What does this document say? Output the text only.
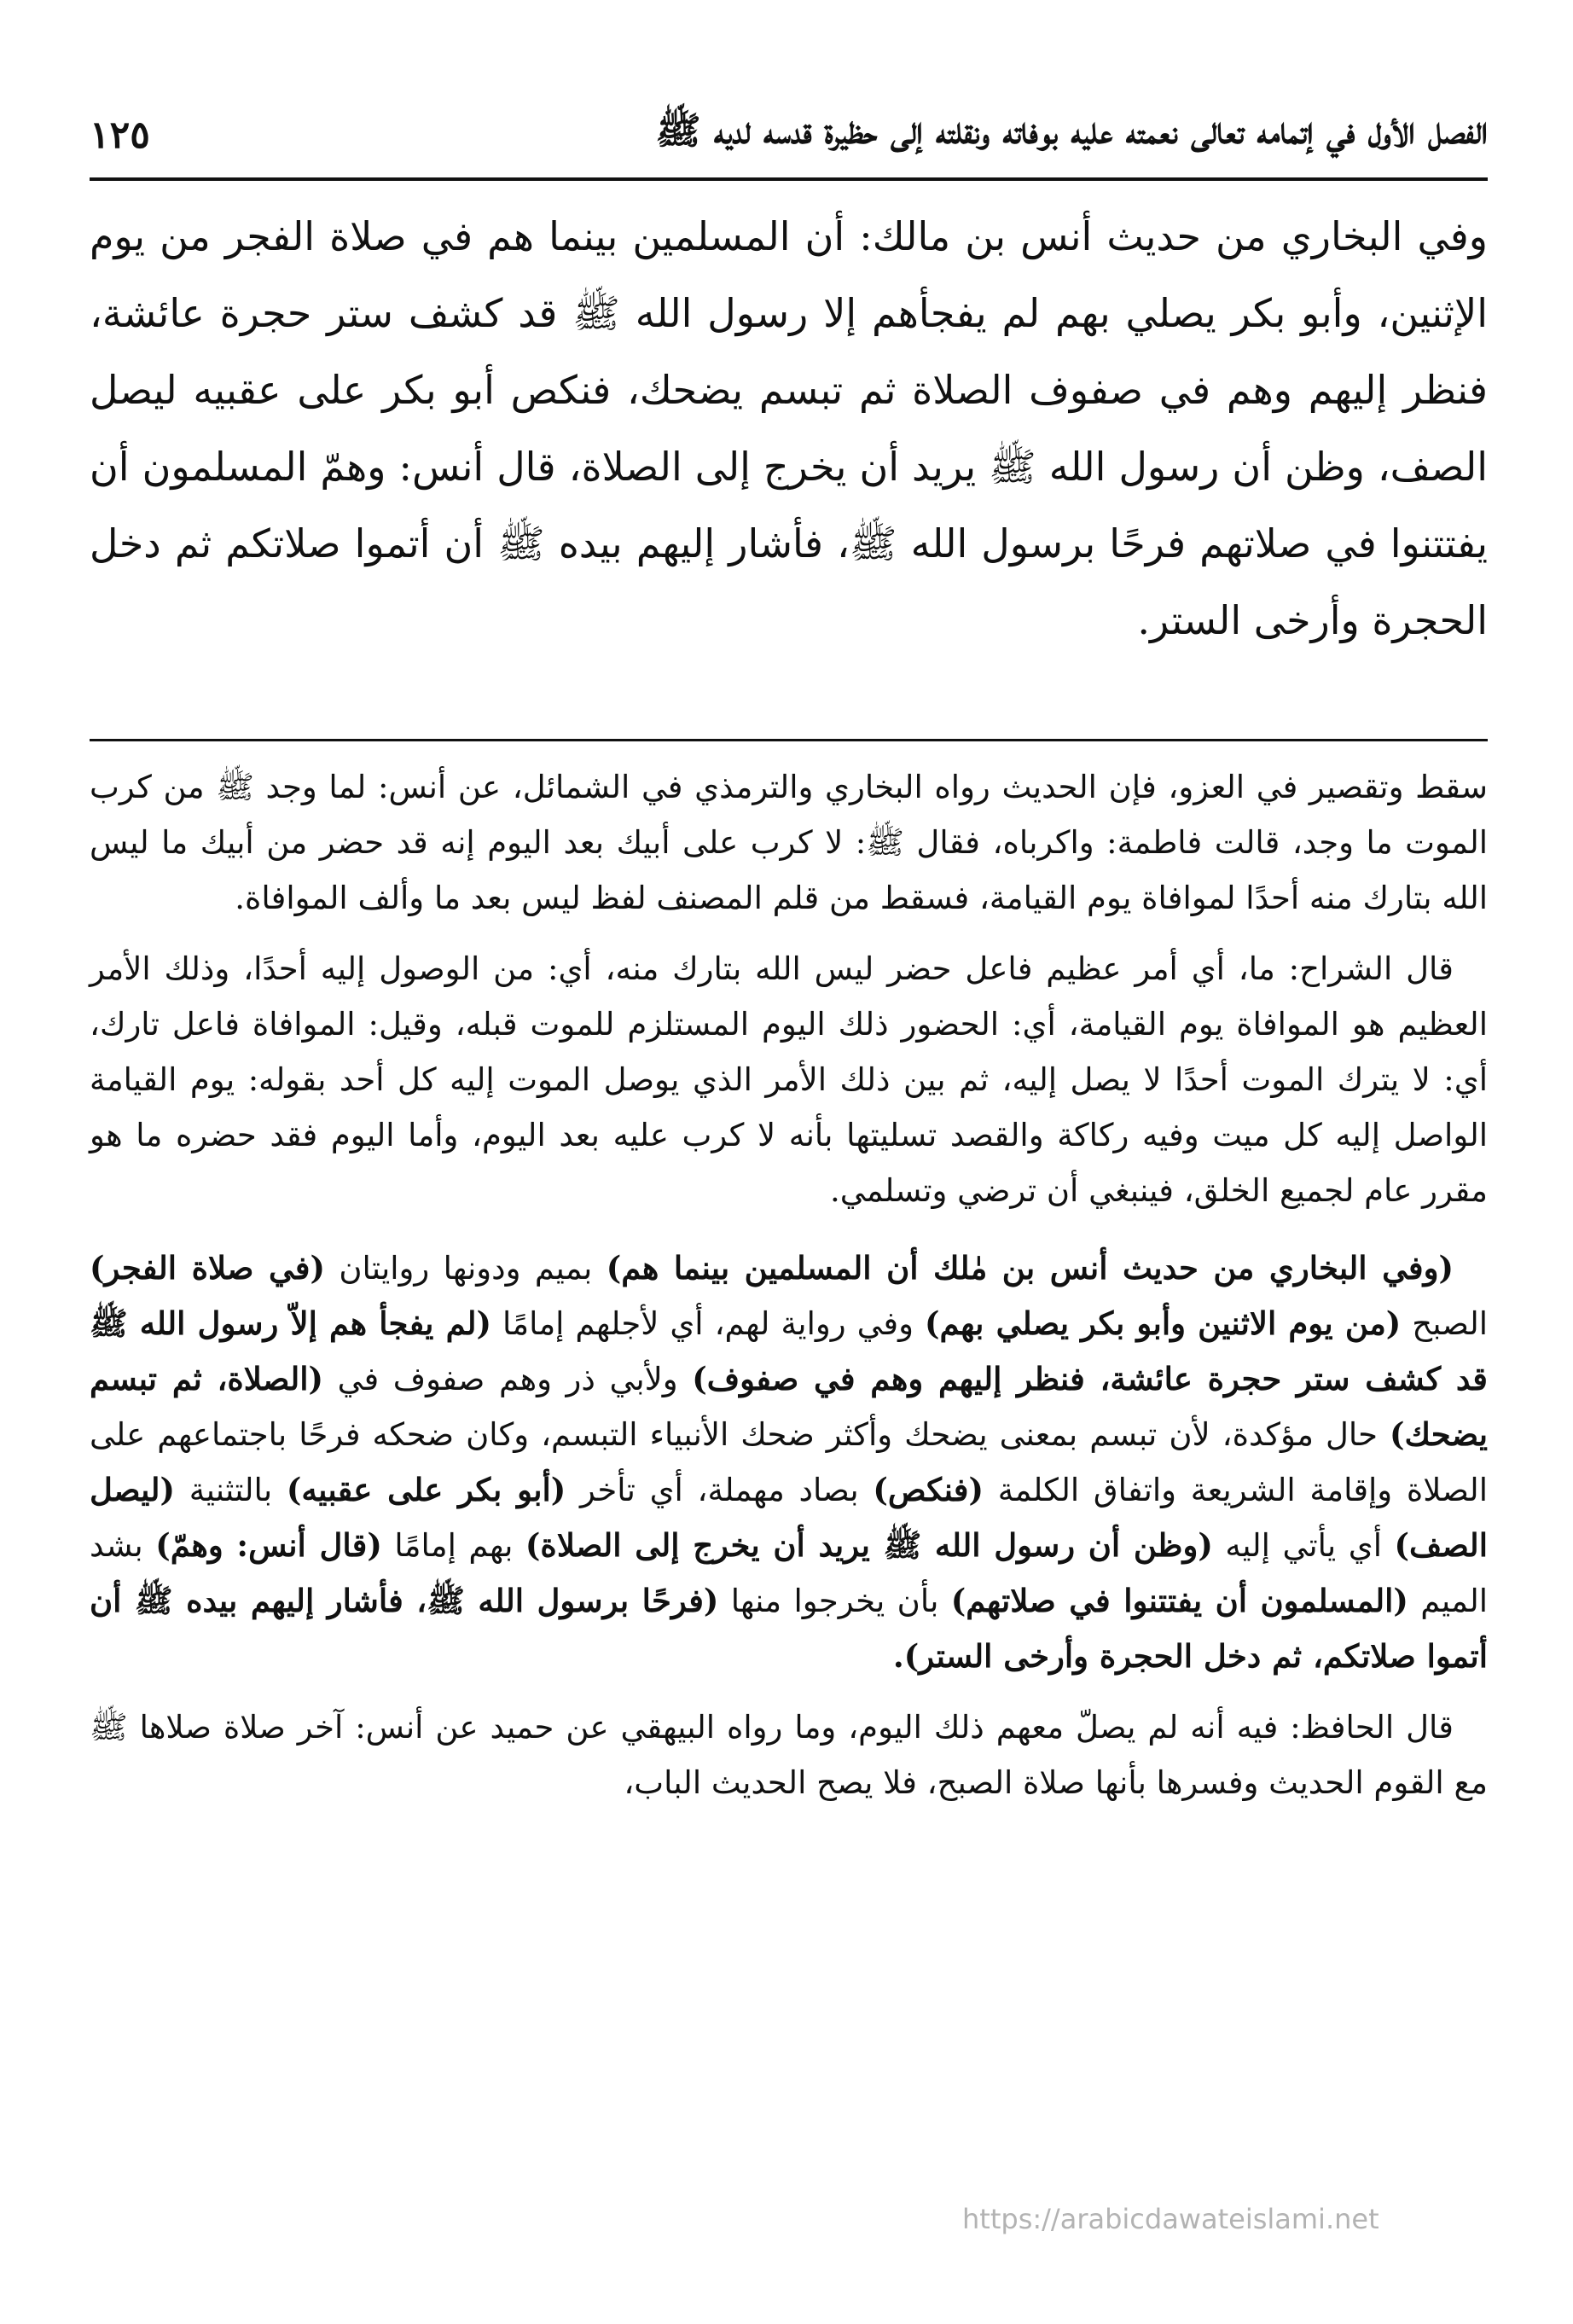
الفصل الأول في إتمامه تعالى نعمته عليه بوفاته ونقلته إلى حظيرة قدسه لديه ﷺ
١٢٥

وفي البخاري من حديث أنس بن مالك: أن المسلمين بينما هم في صلاة الفجر من يوم الإثنين، وأبو بكر يصلي بهم لم يفجأهم إلا رسول الله ﷺ قد كشف ستر حجرة عائشة، فنظر إليهم وهم في صفوف الصلاة ثم تبسم يضحك، فنكص أبو بكر على عقبيه ليصل الصف، وظن أن رسول الله ﷺ يريد أن يخرج إلى الصلاة، قال أنس: وهمّ المسلمون أن يفتتنوا في صلاتهم فرحًا برسول الله ﷺ، فأشار إليهم بيده ﷺ أن أتموا صلاتكم ثم دخل الحجرة وأرخى الستر.

سقط وتقصير في العزو، فإن الحديث رواه البخاري والترمذي في الشمائل، عن أنس: لما وجد ﷺ من كرب الموت ما وجد، قالت فاطمة: واكرباه، فقال ﷺ: لا كرب على أبيك بعد اليوم إنه قد حضر من أبيك ما ليس الله بتارك منه أحدًا لموافاة يوم القيامة، فسقط من قلم المصنف لفظ ليس بعد ما وألف الموافاة.

قال الشراح: ما، أي أمر عظيم فاعل حضر ليس الله بتارك منه، أي: من الوصول إليه أحدًا، وذلك الأمر العظيم هو الموافاة يوم القيامة، أي: الحضور ذلك اليوم المستلزم للموت قبله، وقيل: الموافاة فاعل تارك، أي: لا يترك الموت أحدًا لا يصل إليه، ثم بين ذلك الأمر الذي يوصل الموت إليه كل أحد بقوله: يوم القيامة الواصل إليه كل ميت وفيه ركاكة والقصد تسليتها بأنه لا كرب عليه بعد اليوم، وأما اليوم فقد حضره ما هو مقرر عام لجميع الخلق، فينبغي أن ترضي وتسلمي.

(وفي البخاري من حديث أنس بن مٰلك أن المسلمين بينما هم) بميم ودونها روايتان (في صلاة الفجر) الصبح (من يوم الاثنين وأبو بكر يصلي بهم) وفي رواية لهم، أي لأجلهم إمامًا (لم يفجأ هم إلاّ رسول الله ﷺ قد كشف ستر حجرة عائشة، فنظر إليهم وهم في صفوف) ولأبي ذر وهم صفوف في (الصلاة، ثم تبسم يضحك) حال مؤكدة، لأن تبسم بمعنى يضحك وأكثر ضحك الأنبياء التبسم، وكان ضحكه فرحًا باجتماعهم على الصلاة وإقامة الشريعة واتفاق الكلمة (فنكص) بصاد مهملة، أي تأخر (أبو بكر على عقبيه) بالتثنية (ليصل الصف) أي يأتي إليه (وظن أن رسول الله ﷺ يريد أن يخرج إلى الصلاة) بهم إمامًا (قال أنس: وهمّ) بشد الميم (المسلمون أن يفتتنوا في صلاتهم) بأن يخرجوا منها (فرحًا برسول الله ﷺ، فأشار إليهم بيده ﷺ أن أتموا صلاتكم، ثم دخل الحجرة وأرخى الستر).

قال الحافظ: فيه أنه لم يصلّ معهم ذلك اليوم، وما رواه البيهقي عن حميد عن أنس: آخر صلاة صلاها ﷺ مع القوم الحديث وفسرها بأنها صلاة الصبح، فلا يصح الحديث الباب،

https://arabicdawateislami.net
